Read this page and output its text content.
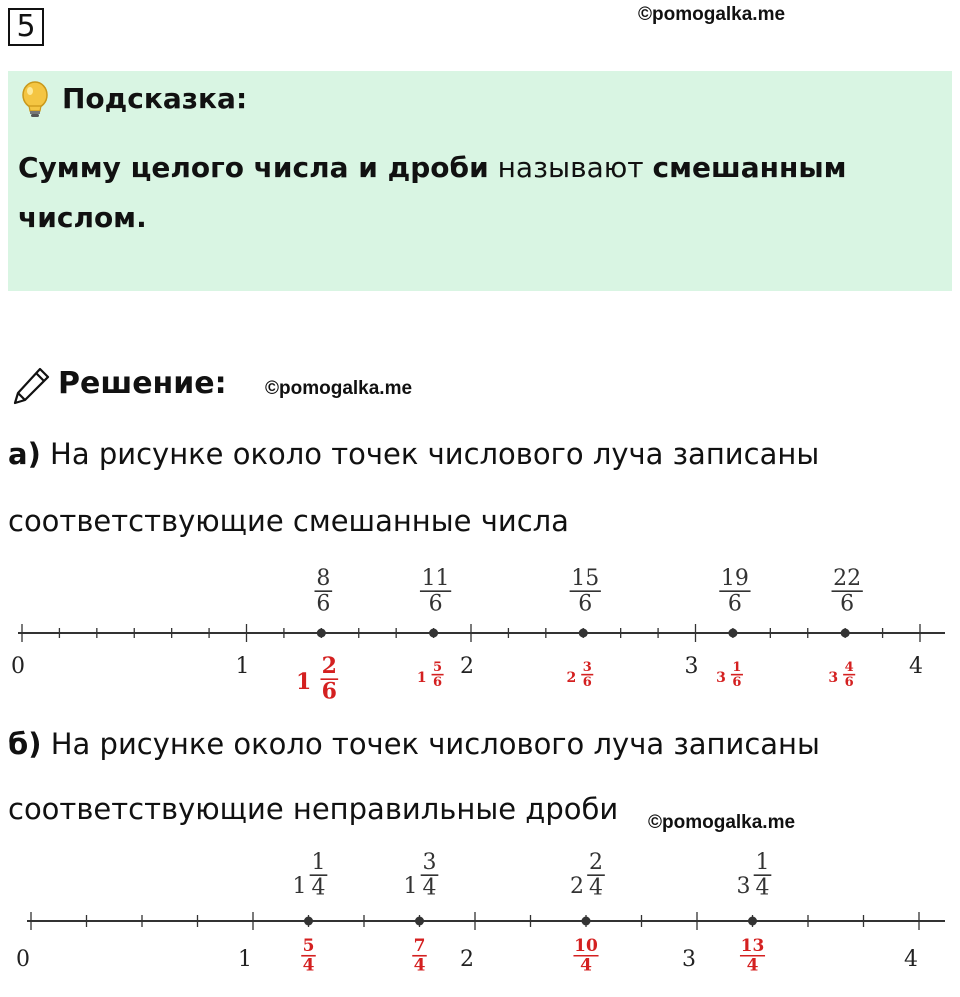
5	©pomogalka.me
Подсказка:
Сумму целого числа и дроби называют смешанным числом.
Решение: ©pomogalka.me
а) На рисунке около точек числового луча записаны
соответствующие смешанные числа
0	1	2	3	4
8
6
1
2
6
11
6
1
5
6
15
6
2
3
6
19
6
3
1
6
22
6
3
4
6
б) На рисунке около точек числового луча записаны
соответствующие неправильные дроби ©pomogalka.me
0	1	2	3	4
1
1
4
5
4
1
3
4
7
4
2
2
4
10
4
3
1
4
13
4
